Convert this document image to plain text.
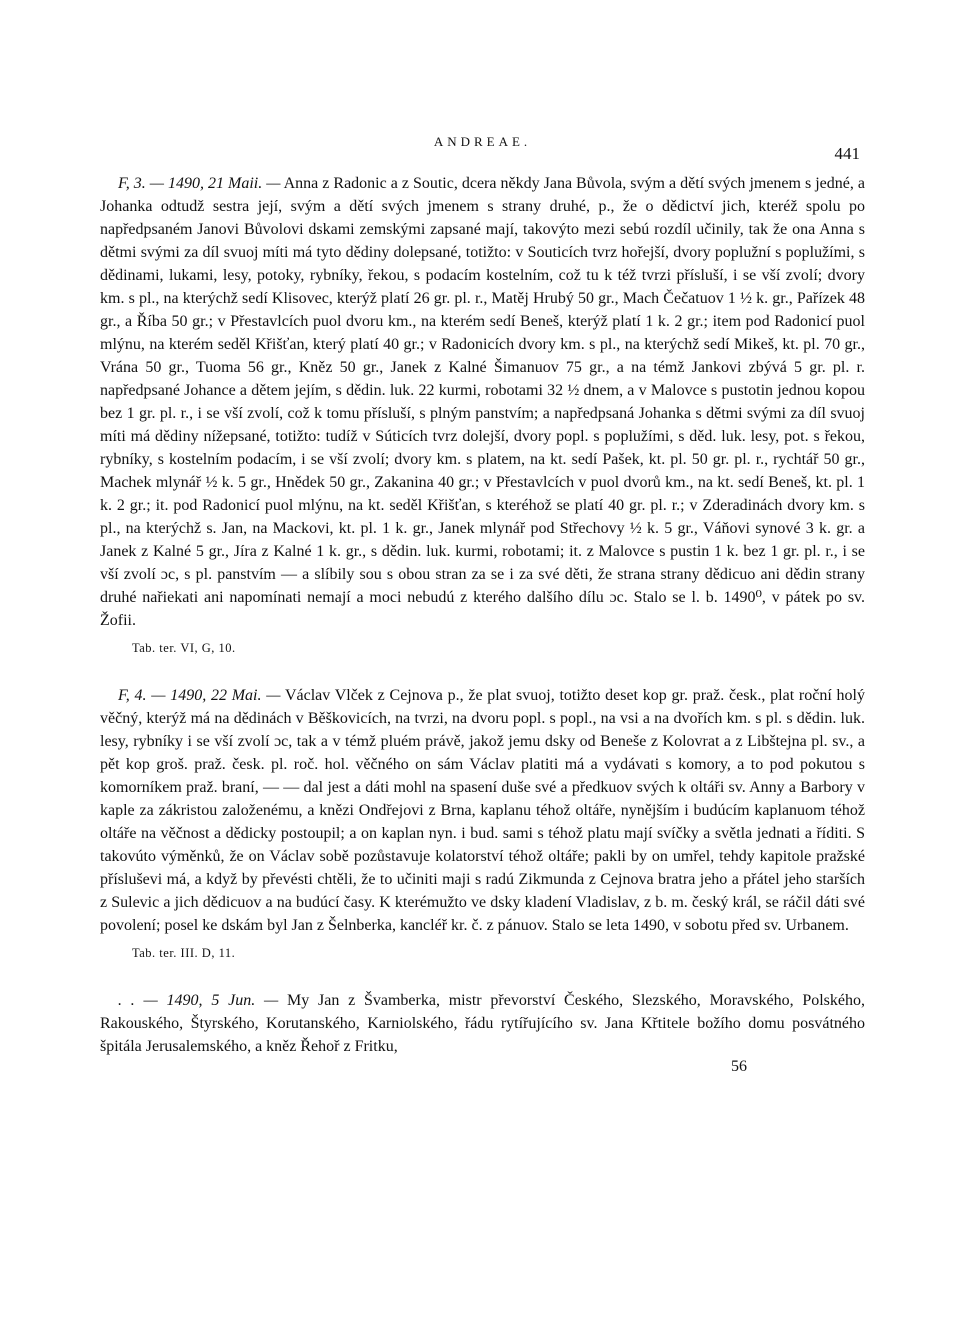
ANDREAE.
441

F, 3. — 1490, 21 Maii. — Anna z Radonic a z Soutic, dcera někdy Jana Bůvola, svým a dětí svých jmenem s jedné, a Johanka odtudž sestra její, svým a dětí svých jmenem s strany druhé, p., že o dědictví jich, kteréž spolu po napředpsaném Janovi Bůvolovi dskami zemskými zapsané mají, takovýto mezi sebú rozdíl učinily, tak že ona Anna s dětmi svými za díl svuoj míti má tyto dědiny dolepsané, totižto: v Souticích tvrz hořejší, dvory poplužní s poplužími, s dědinami, lukami, lesy, potoky, rybníky, řekou, s podacím kostelním, což tu k též tvrzi přísluší, i se vší zvolí; dvory km. s pl., na kterýchž sedí Klisovec, kterýž platí 26 gr. pl. r., Matěj Hrubý 50 gr., Mach Čečatuov 1 ½ k. gr., Pařízek 48 gr., a Říba 50 gr.; v Přestavlcích puol dvoru km., na kterém sedí Beneš, kterýž platí 1 k. 2 gr.; item pod Radonicí puol mlýnu, na kterém seděl Křišťan, který platí 40 gr.; v Radonicích dvory km. s pl., na kterýchž sedí Mikeš, kt. pl. 70 gr., Vrána 50 gr., Tuoma 56 gr., Kněz 50 gr., Janek z Kalné Šimanuov 75 gr., a na témž Jankovi zbývá 5 gr. pl. r. napředpsané Johance a dětem jejím, s dědin. luk. 22 kurmi, robotami 32 ½ dnem, a v Malovce s pustotin jednou kopou bez 1 gr. pl. r., i se vší zvolí, což k tomu přísluší, s plným panstvím; a napředpsaná Johanka s dětmi svými za díl svuoj míti má dědiny nížepsané, totižto: tudíž v Súticích tvrz dolejší, dvory popl. s poplužími, s děd. luk. lesy, pot. s řekou, rybníky, s kostelním podacím, i se vší zvolí; dvory km. s platem, na kt. sedí Pašek, kt. pl. 50 gr. pl. r., rychtář 50 gr., Machek mlynář ½ k. 5 gr., Hnědek 50 gr., Zakanina 40 gr.; v Přestavlcích v puol dvorů km., na kt. sedí Beneš, kt. pl. 1 k. 2 gr.; it. pod Radonicí puol mlýnu, na kt. seděl Křišťan, s kteréhož se platí 40 gr. pl. r.; v Zderadinách dvory km. s pl., na kterýchž s. Jan, na Mackovi, kt. pl. 1 k. gr., Janek mlynář pod Střechovy ½ k. 5 gr., Váňovi synové 3 k. gr. a Janek z Kalné 5 gr., Jíra z Kalné 1 k. gr., s dědin. luk. kurmi, robotami; it. z Malovce s pustin 1 k. bez 1 gr. pl. r., i se vší zvolí ɔc, s pl. panstvím — a slíbily sou s obou stran za se i za své děti, že strana strany dědicuo ani dědin strany druhé nařiekati ani napomínati nemají a moci nebudú z kterého dalšího dílu ɔc. Stalo se l. b. 1490⁰, v pátek po sv. Žofii.

Tab. ter. VI, G, 10.

F, 4. — 1490, 22 Mai. — Václav Vlček z Cejnova p., že plat svuoj, totižto deset kop gr. praž. česk., plat roční holý věčný, kterýž má na dědinách v Běškovicích, na tvrzi, na dvoru popl. s popl., na vsi a na dvořích km. s pl. s dědin. luk. lesy, rybníky i se vší zvolí ɔc, tak a v témž pluém právě, jakož jemu dsky od Beneše z Kolovrat a z Libštejna pl. sv., a pět kop groš. praž. česk. pl. roč. hol. věčného on sám Václav platiti má a vydávati s komory, a to pod pokutou s komorníkem praž. braní, — — dal jest a dáti mohl na spasení duše své a předkuov svých k oltáři sv. Anny a Barbory v kaple za zákristou založenému, a knězi Ondřejovi z Brna, kaplanu téhož oltáře, nynějším i budúcím kaplanuom téhož oltáře na věčnost a dědicky postoupil; a on kaplan nyn. i bud. sami s téhož platu mají svíčky a světla jednati a říditi. S takovúto výměnků, že on Václav sobě pozůstavuje kolatorství téhož oltáře; pakli by on umřel, tehdy kapitole pražské přísluševi má, a když by převésti chtěli, že to učiniti maji s radú Zikmunda z Cejnova bratra jeho a přátel jeho starších z Sulevic a jich dědicuov a na budúcí časy. K kterémužto ve dsky kladení Vladislav, z b. m. český král, se ráčil dáti své povolení; posel ke dskám byl Jan z Šelnberka, kancléř kr. č. z pánuov. Stalo se leta 1490, v sobotu před sv. Urbanem.

Tab. ter. III. D, 11.

. . — 1490, 5 Jun. — My Jan z Švamberka, mistr převorství Českého, Slezského, Moravského, Polského, Rakouského, Štyrského, Korutanského, Karniolského, řádu rytířujícího sv. Jana Křtitele božího domu posvátného špitála Jerusalemského, a kněz Řehoř z Fritku,

56
